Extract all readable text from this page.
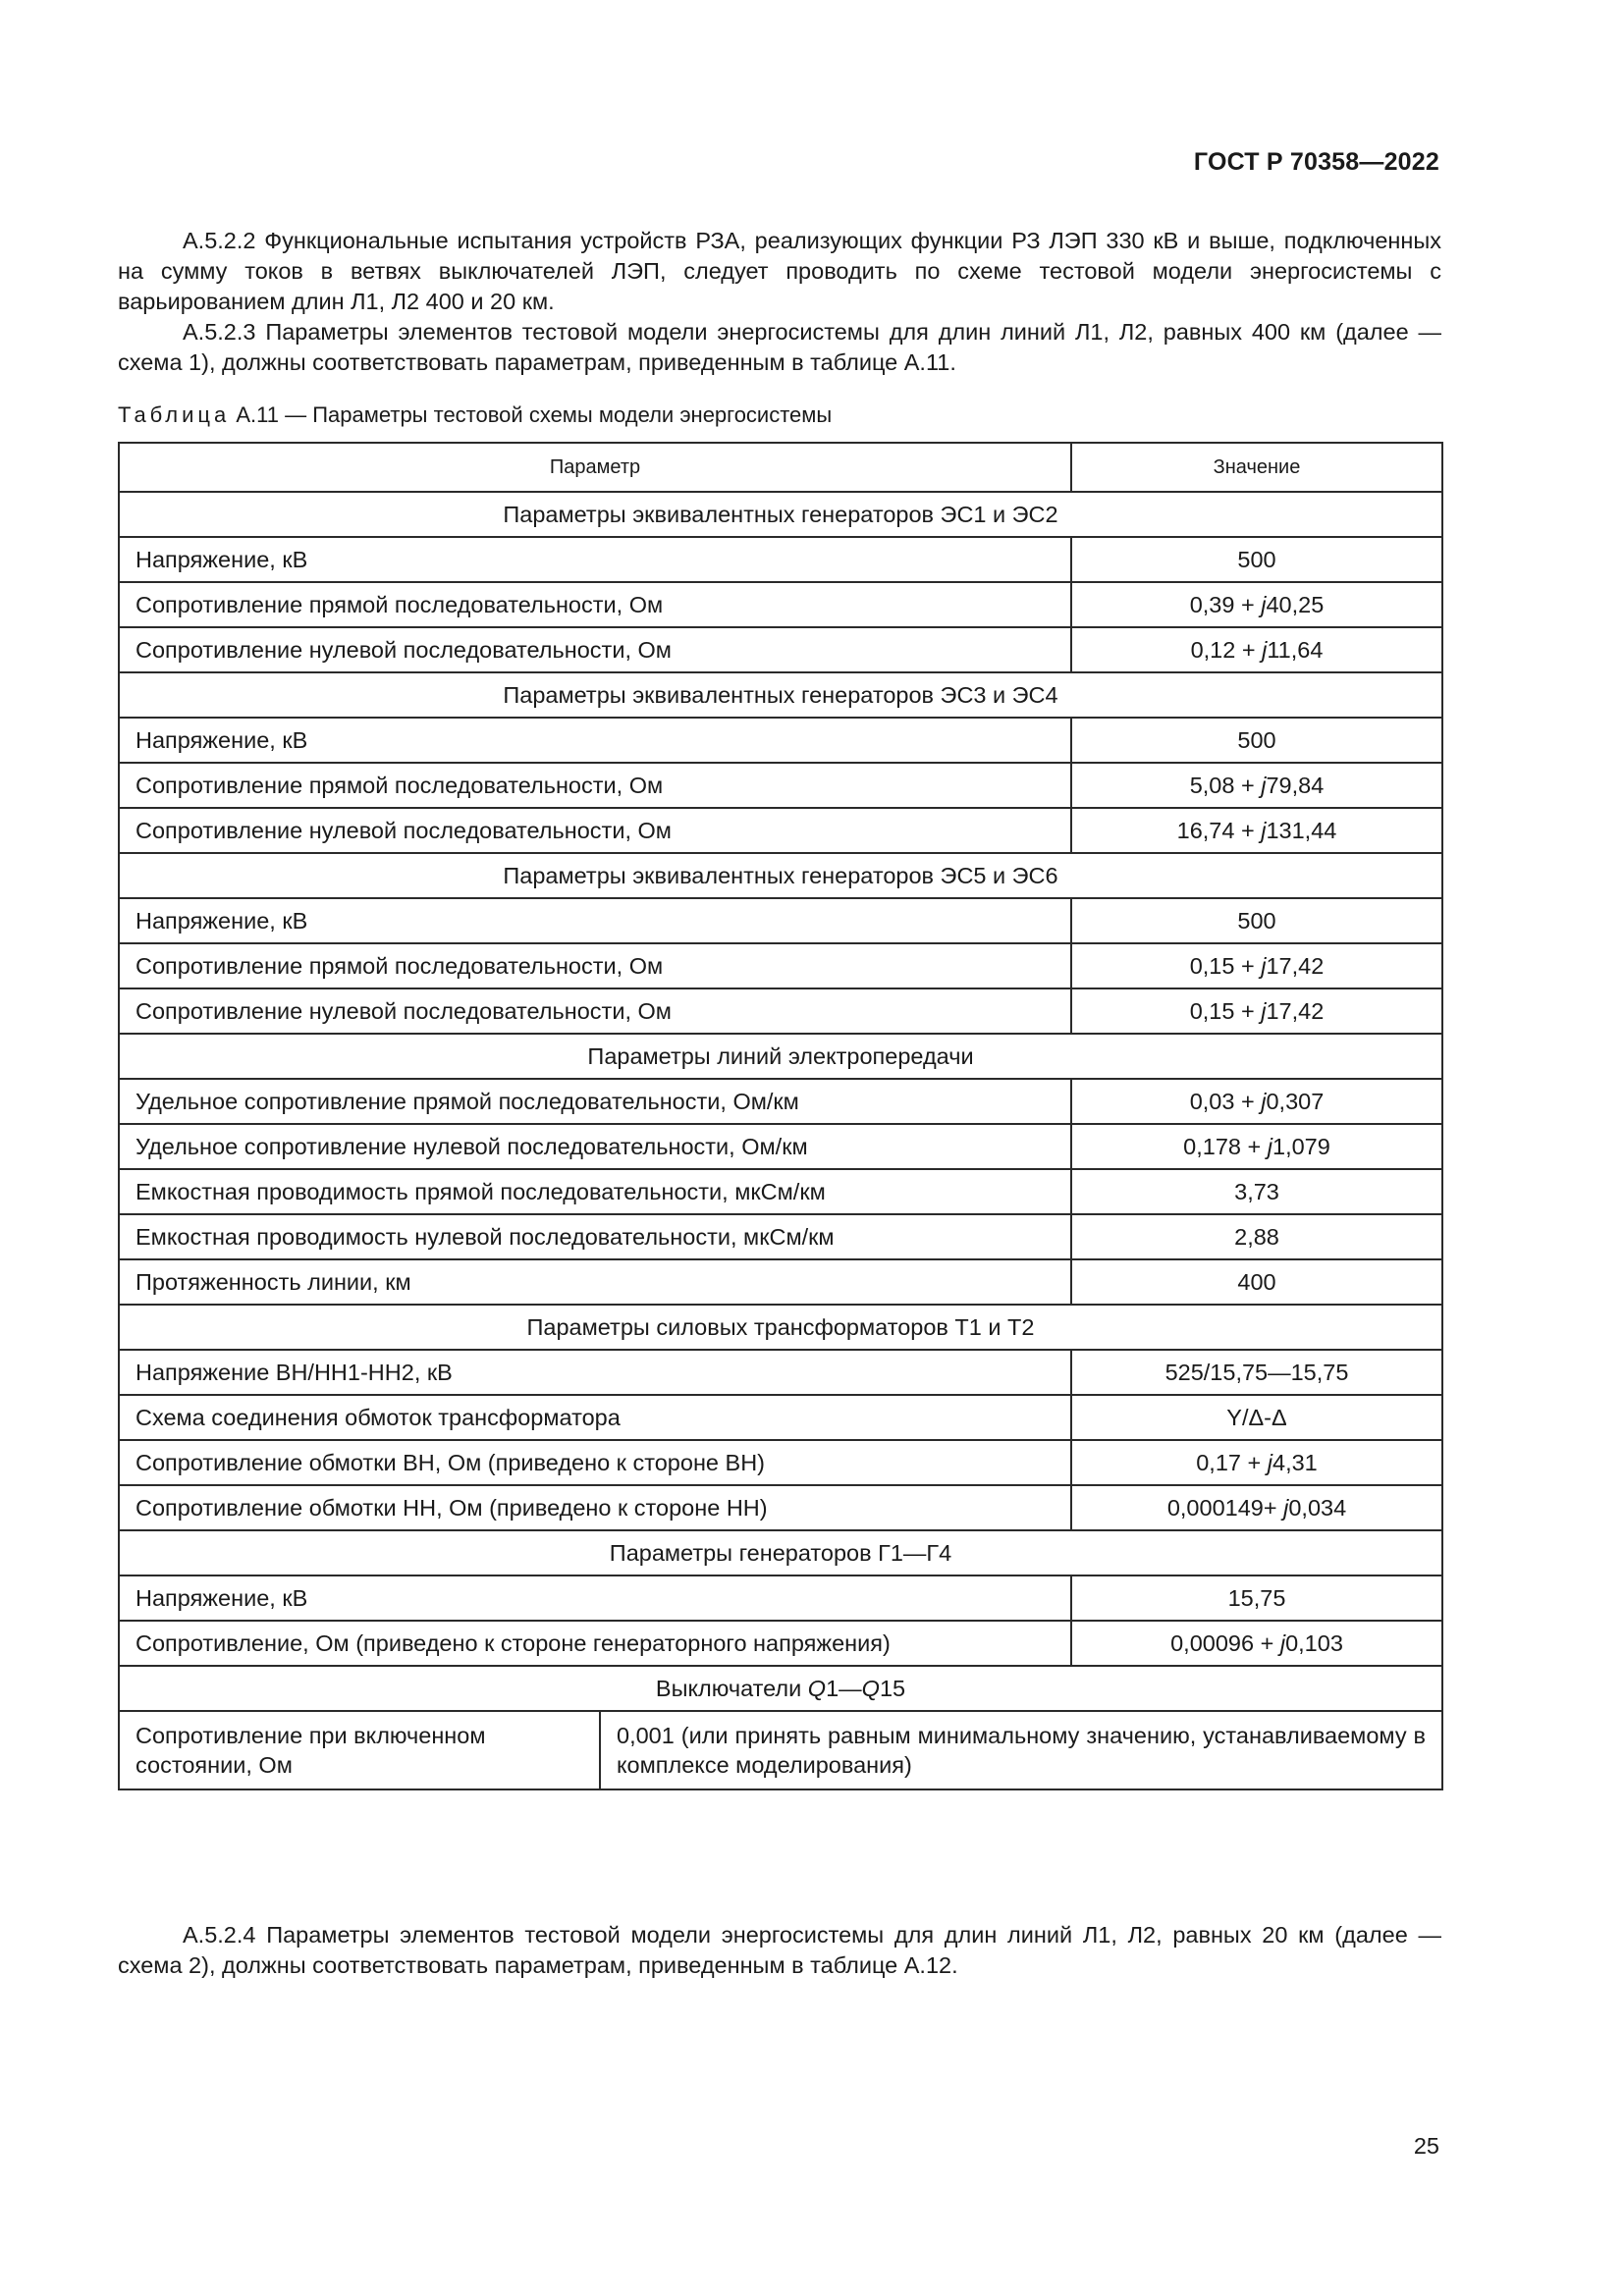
ГОСТ Р 70358—2022

А.5.2.2 Функциональные испытания устройств РЗА, реализующих функции РЗ ЛЭП 330 кВ и выше, подключенных на сумму токов в ветвях выключателей ЛЭП, следует проводить по схеме тестовой модели энергосистемы с варьированием длин Л1, Л2 400 и 20 км.

А.5.2.3 Параметры элементов тестовой модели энергосистемы для длин линий Л1, Л2, равных 400 км (далее — схема 1), должны соответствовать параметрам, приведенным в таблице А.11.

Таблица А.11 — Параметры тестовой схемы модели энергосистемы
Параметр		Значение
Параметры эквивалентных генераторов ЭС1 и ЭС2		
Напряжение, кВ		500
Сопротивление прямой последовательности, Ом		0,39 + j40,25
Сопротивление нулевой последовательности, Ом		0,12 + j11,64
Параметры эквивалентных генераторов ЭС3 и ЭС4		
Напряжение, кВ		500
Сопротивление прямой последовательности, Ом		5,08 + j79,84
Сопротивление нулевой последовательности, Ом		16,74 + j131,44
Параметры эквивалентных генераторов ЭС5 и ЭС6		
Напряжение, кВ		500
Сопротивление прямой последовательности, Ом		0,15 + j17,42
Сопротивление нулевой последовательности, Ом		0,15 + j17,42
Параметры линий электропередачи		
Удельное сопротивление прямой последовательности, Ом/км		0,03 + j0,307
Удельное сопротивление нулевой последовательности, Ом/км		0,178 + j1,079
Емкостная проводимость прямой последовательности, мкСм/км		3,73
Емкостная проводимость нулевой последовательности, мкСм/км		2,88
Протяженность линии, км		400
Параметры силовых трансформаторов Т1 и Т2		
Напряжение ВН/НН1-НН2, кВ		525/15,75—15,75
Схема соединения обмоток трансформатора		Y/Δ-Δ
Сопротивление обмотки ВН, Ом (приведено к стороне ВН)		0,17 + j4,31
Сопротивление обмотки НН, Ом (приведено к стороне НН)		0,000149+ j0,034
Параметры генераторов Г1—Г4		
Напряжение, кВ		15,75
Сопротивление, Ом (приведено к стороне генераторного напряжения)		0,00096 + j0,103
Выключатели Q1—Q15		
Сопротивление при включенном состоянии, Ом	0,001 (или принять равным минимальному значению, устанавливаемому в комплексе моделирования)	

А.5.2.4 Параметры элементов тестовой модели энергосистемы для длин линий Л1, Л2, равных 20 км (далее — схема 2), должны соответствовать параметрам, приведенным в таблице А.12.

25
